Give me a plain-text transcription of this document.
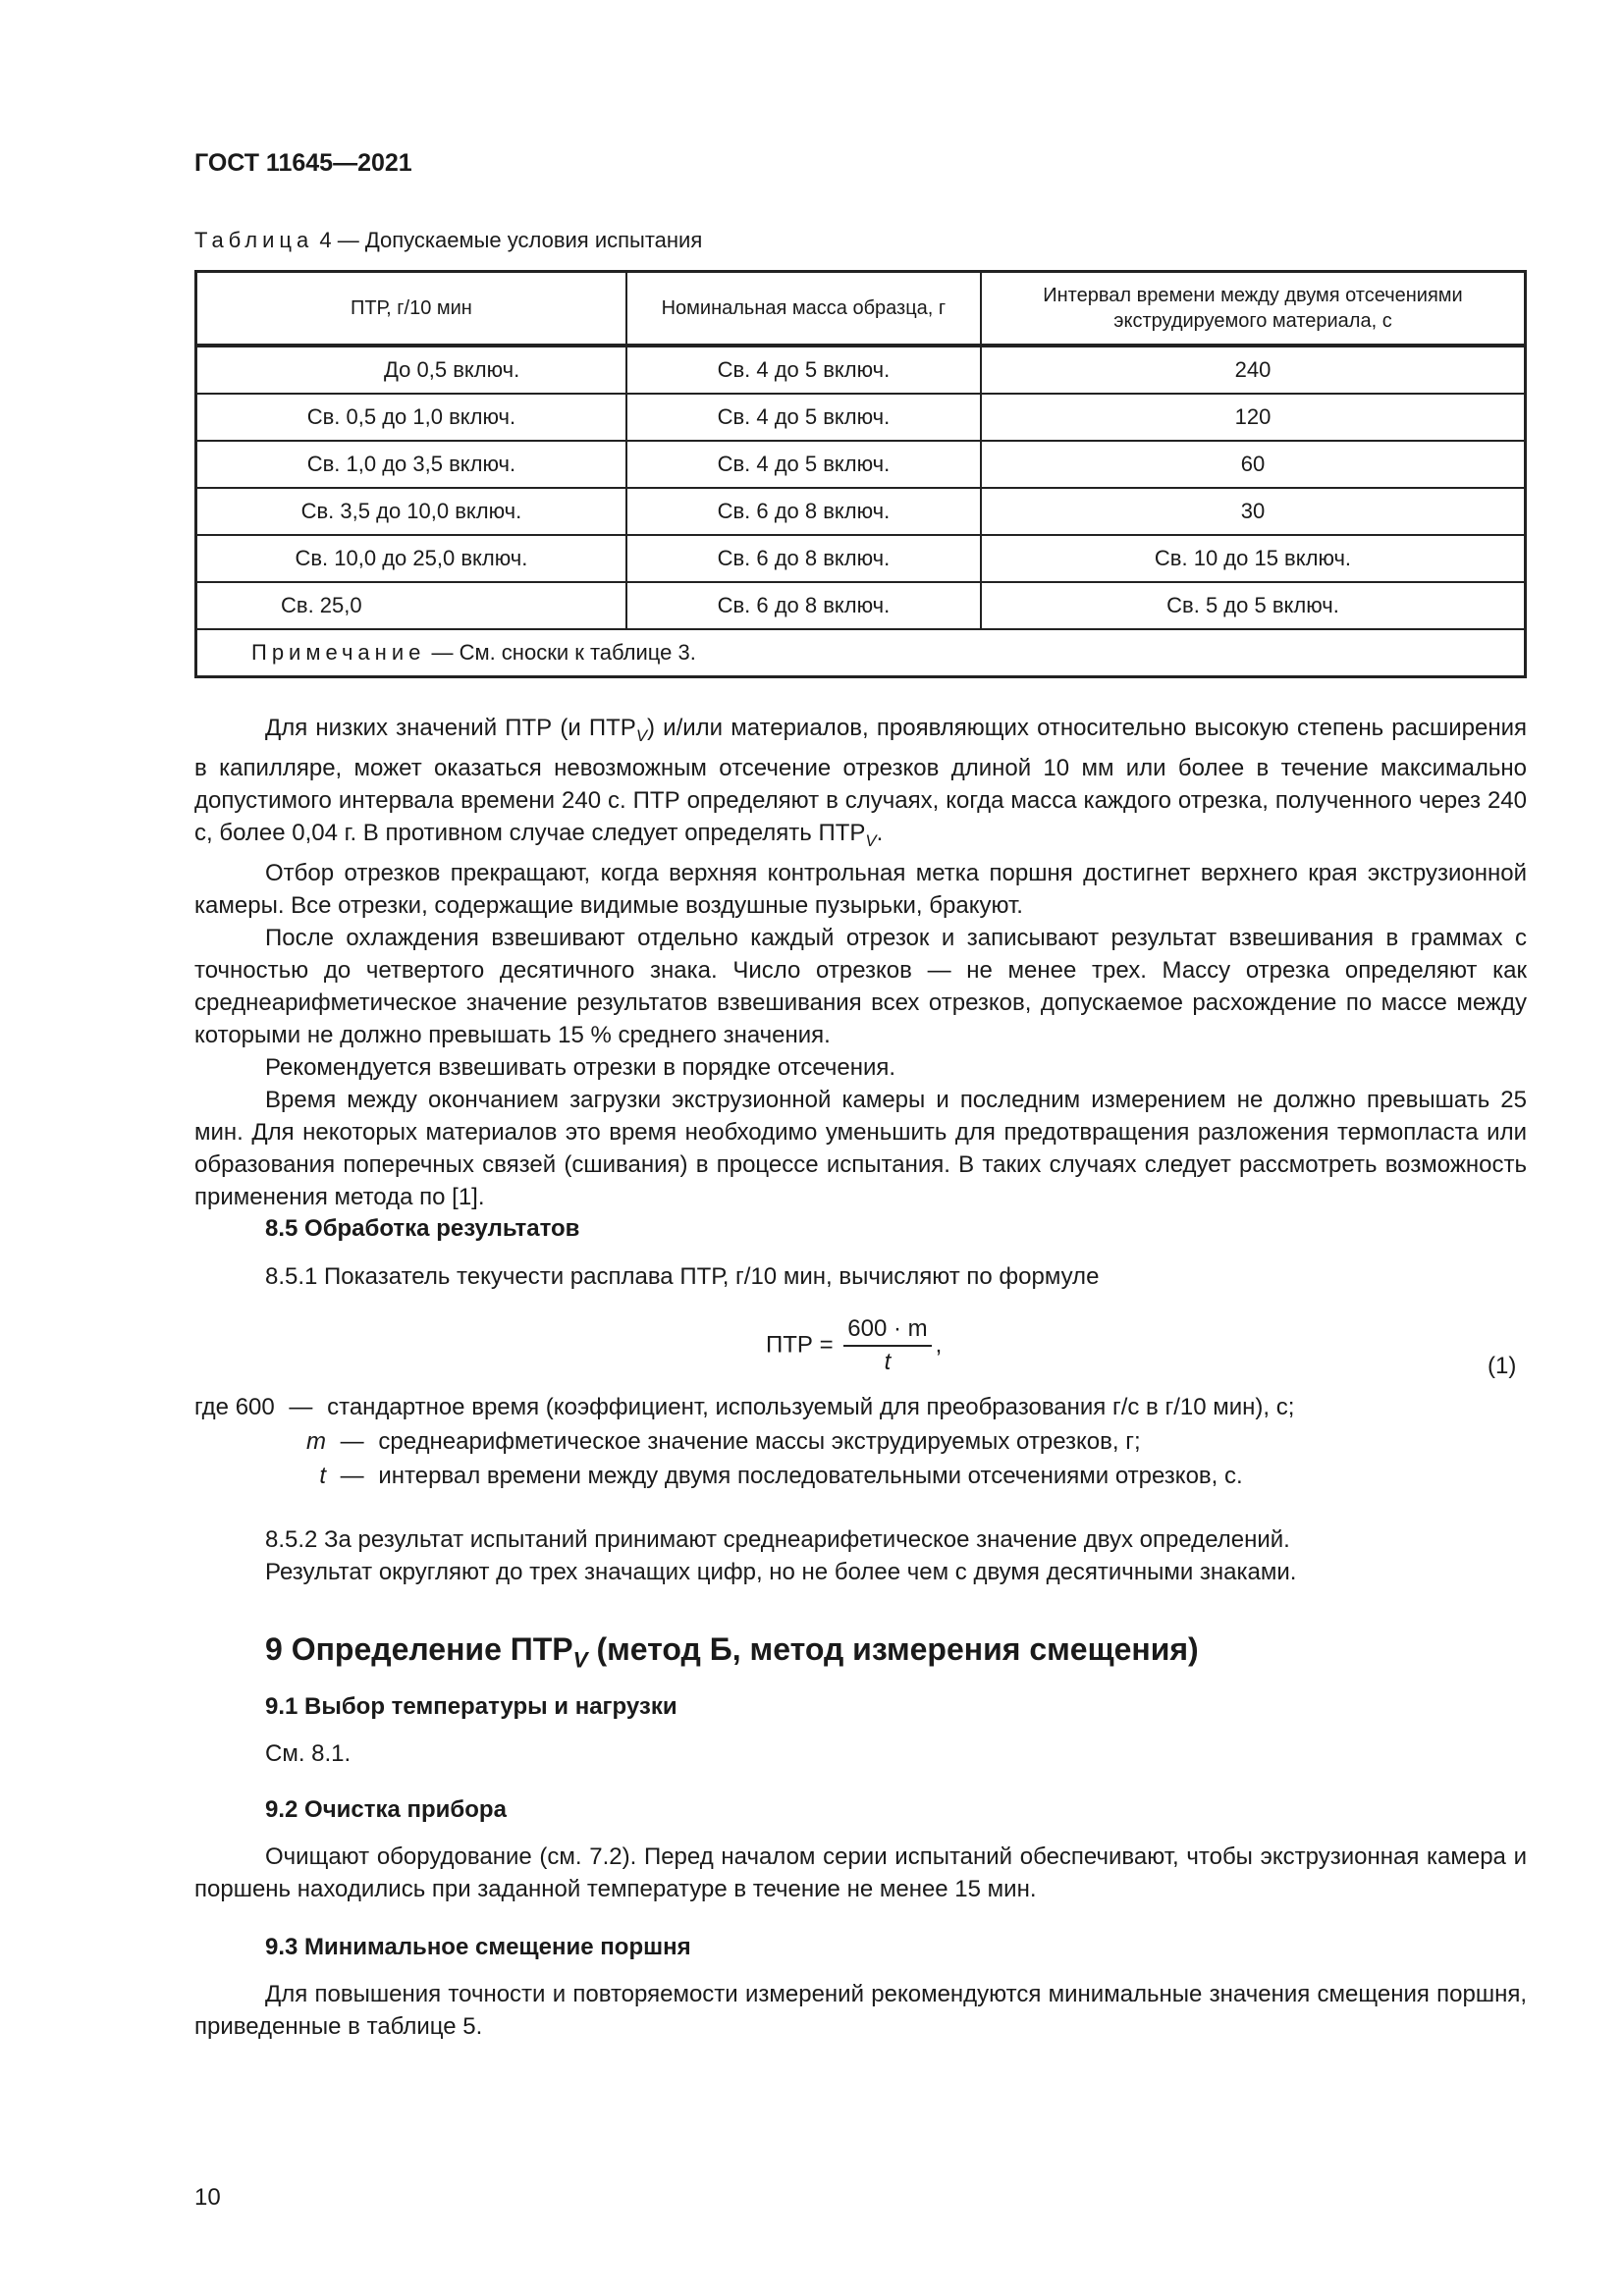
ГОСТ 11645—2021
Таблица 4 — Допускаемые условия испытания
ПТР, г/10 мин	Номинальная масса образца, г	Интервал времени между двумя отсечениями экструдируемого материала, с
До 0,5 включ.	Св. 4 до 5 включ.	240
Св. 0,5 до 1,0 включ.	Св. 4 до 5 включ.	120
Св. 1,0 до 3,5 включ.	Св. 4 до 5 включ.	60
Св. 3,5 до 10,0 включ.	Св. 6 до 8 включ.	30
Св. 10,0 до 25,0 включ.	Св. 6 до 8 включ.	Св. 10 до 15 включ.
Св. 25,0	Св. 6 до 8 включ.	Св. 5 до 5 включ.
Примечание — См. сноски к таблице 3.		

Для низких значений ПТР (и $ПТР_V$) и/или материалов, проявляющих относительно высокую степень расширения в капилляре, может оказаться невозможным отсечение отрезков длиной 10 мм или более в течение максимально допустимого интервала времени 240 с. ПТР определяют в случаях, когда масса каждого отрезка, полученного через 240 с, более 0,04 г. В противном случае следует определять $ПТР_V$.

Отбор отрезков прекращают, когда верхняя контрольная метка поршня достигнет верхнего края экструзионной камеры. Все отрезки, содержащие видимые воздушные пузырьки, бракуют.

После охлаждения взвешивают отдельно каждый отрезок и записывают результат взвешивания в граммах с точностью до четвертого десятичного знака. Число отрезков — не менее трех. Массу отрезка определяют как среднеарифметическое значение результатов взвешивания всех отрезков, допускаемое расхождение по массе между которыми не должно превышать 15 % среднего значения.

Рекомендуется взвешивать отрезки в порядке отсечения.

Время между окончанием загрузки экструзионной камеры и последним измерением не должно превышать 25 мин. Для некоторых материалов это время необходимо уменьшить для предотвращения разложения термопласта или образования поперечных связей (сшивания) в процессе испытания. В таких случаях следует рассмотреть возможность применения метода по [1].

8.5 Обработка результатов
8.5.1 Показатель текучести расплава ПТР, г/10 мин, вычисляют по формуле
ПТР = $\frac{600 \cdot m}{t}$ ,
(1)
где 600 — стандартное время (коэффициент, используемый для преобразования г/с в г/10 мин), с;
m — среднеарифметическое значение массы экструдируемых отрезков, г;
t — интервал времени между двумя последовательными отсечениями отрезков, с.
8.5.2 За результат испытаний принимают среднеарифетическое значение двух определений.
Результат округляют до трех значащих цифр, но не более чем с двумя десятичными знаками.
9 Определение $ПТР_V$ (метод Б, метод измерения смещения)
9.1 Выбор температуры и нагрузки
См. 8.1.
9.2 Очистка прибора

Очищают оборудование (см. 7.2). Перед началом серии испытаний обеспечивают, чтобы экструзионная камера и поршень находились при заданной температуре в течение не менее 15 мин.

9.3 Минимальное смещение поршня

Для повышения точности и повторяемости измерений рекомендуются минимальные значения смещения поршня, приведенные в таблице 5.

10
